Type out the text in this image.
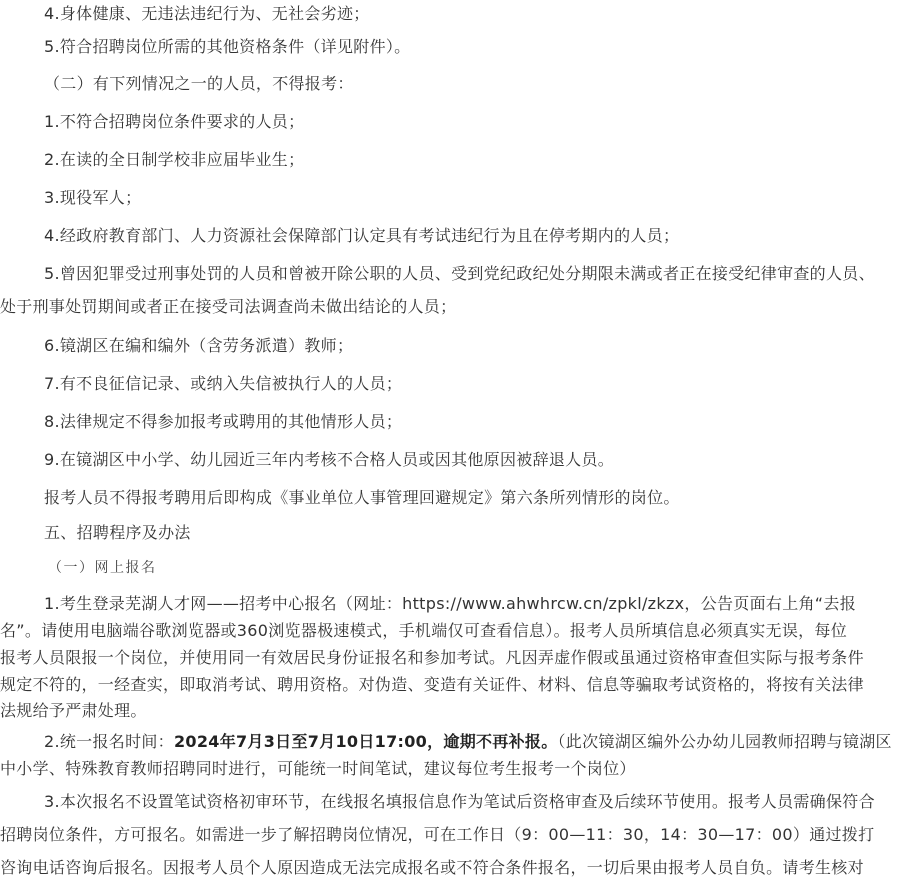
4.身体健康、无违法违纪行为、无社会劣迹；
5.符合招聘岗位所需的其他资格条件（详见附件）。
（二）有下列情况之一的人员，不得报考：
1.不符合招聘岗位条件要求的人员；
2.在读的全日制学校非应届毕业生；
3.现役军人；
4.经政府教育部门、人力资源社会保障部门认定具有考试违纪行为且在停考期内的人员；
5.曾因犯罪受过刑事处罚的人员和曾被开除公职的人员、受到党纪政纪处分期限未满或者正在接受纪律审查的人员、
处于刑事处罚期间或者正在接受司法调查尚未做出结论的人员；
6.镜湖区在编和编外（含劳务派遣）教师；
7.有不良征信记录、或纳入失信被执行人的人员；
8.法律规定不得参加报考或聘用的其他情形人员；
9.在镜湖区中小学、幼儿园近三年内考核不合格人员或因其他原因被辞退人员。
报考人员不得报考聘用后即构成《事业单位人事管理回避规定》第六条所列情形的岗位。
五、招聘程序及办法
（一）网上报名
1.考生登录芜湖人才网——招考中心报名（网址：https://www.ahwhrcw.cn/zpkl/zkzx，公告页面右上角“去报
名”。请使用电脑端谷歌浏览器或360浏览器极速模式，手机端仅可查看信息）。报考人员所填信息必须真实无误，每位
报考人员限报一个岗位，并使用同一有效居民身份证报名和参加考试。凡因弄虚作假或虽通过资格审查但实际与报考条件
规定不符的，一经查实，即取消考试、聘用资格。对伪造、变造有关证件、材料、信息等骗取考试资格的，将按有关法律
法规给予严肃处理。
2.统一报名时间：2024年7月3日至7月10日17:00，逾期不再补报。（此次镜湖区编外公办幼儿园教师招聘与镜湖区
中小学、特殊教育教师招聘同时进行，可能统一时间笔试，建议每位考生报考一个岗位）
3.本次报名不设置笔试资格初审环节，在线报名填报信息作为笔试后资格审查及后续环节使用。报考人员需确保符合
招聘岗位条件，方可报名。如需进一步了解招聘岗位情况，可在工作日（9：00—11：30，14：30—17：00）通过拨打
咨询电话咨询后报名。因报考人员个人原因造成无法完成报名或不符合条件报名，一切后果由报考人员自负。请考生核对
